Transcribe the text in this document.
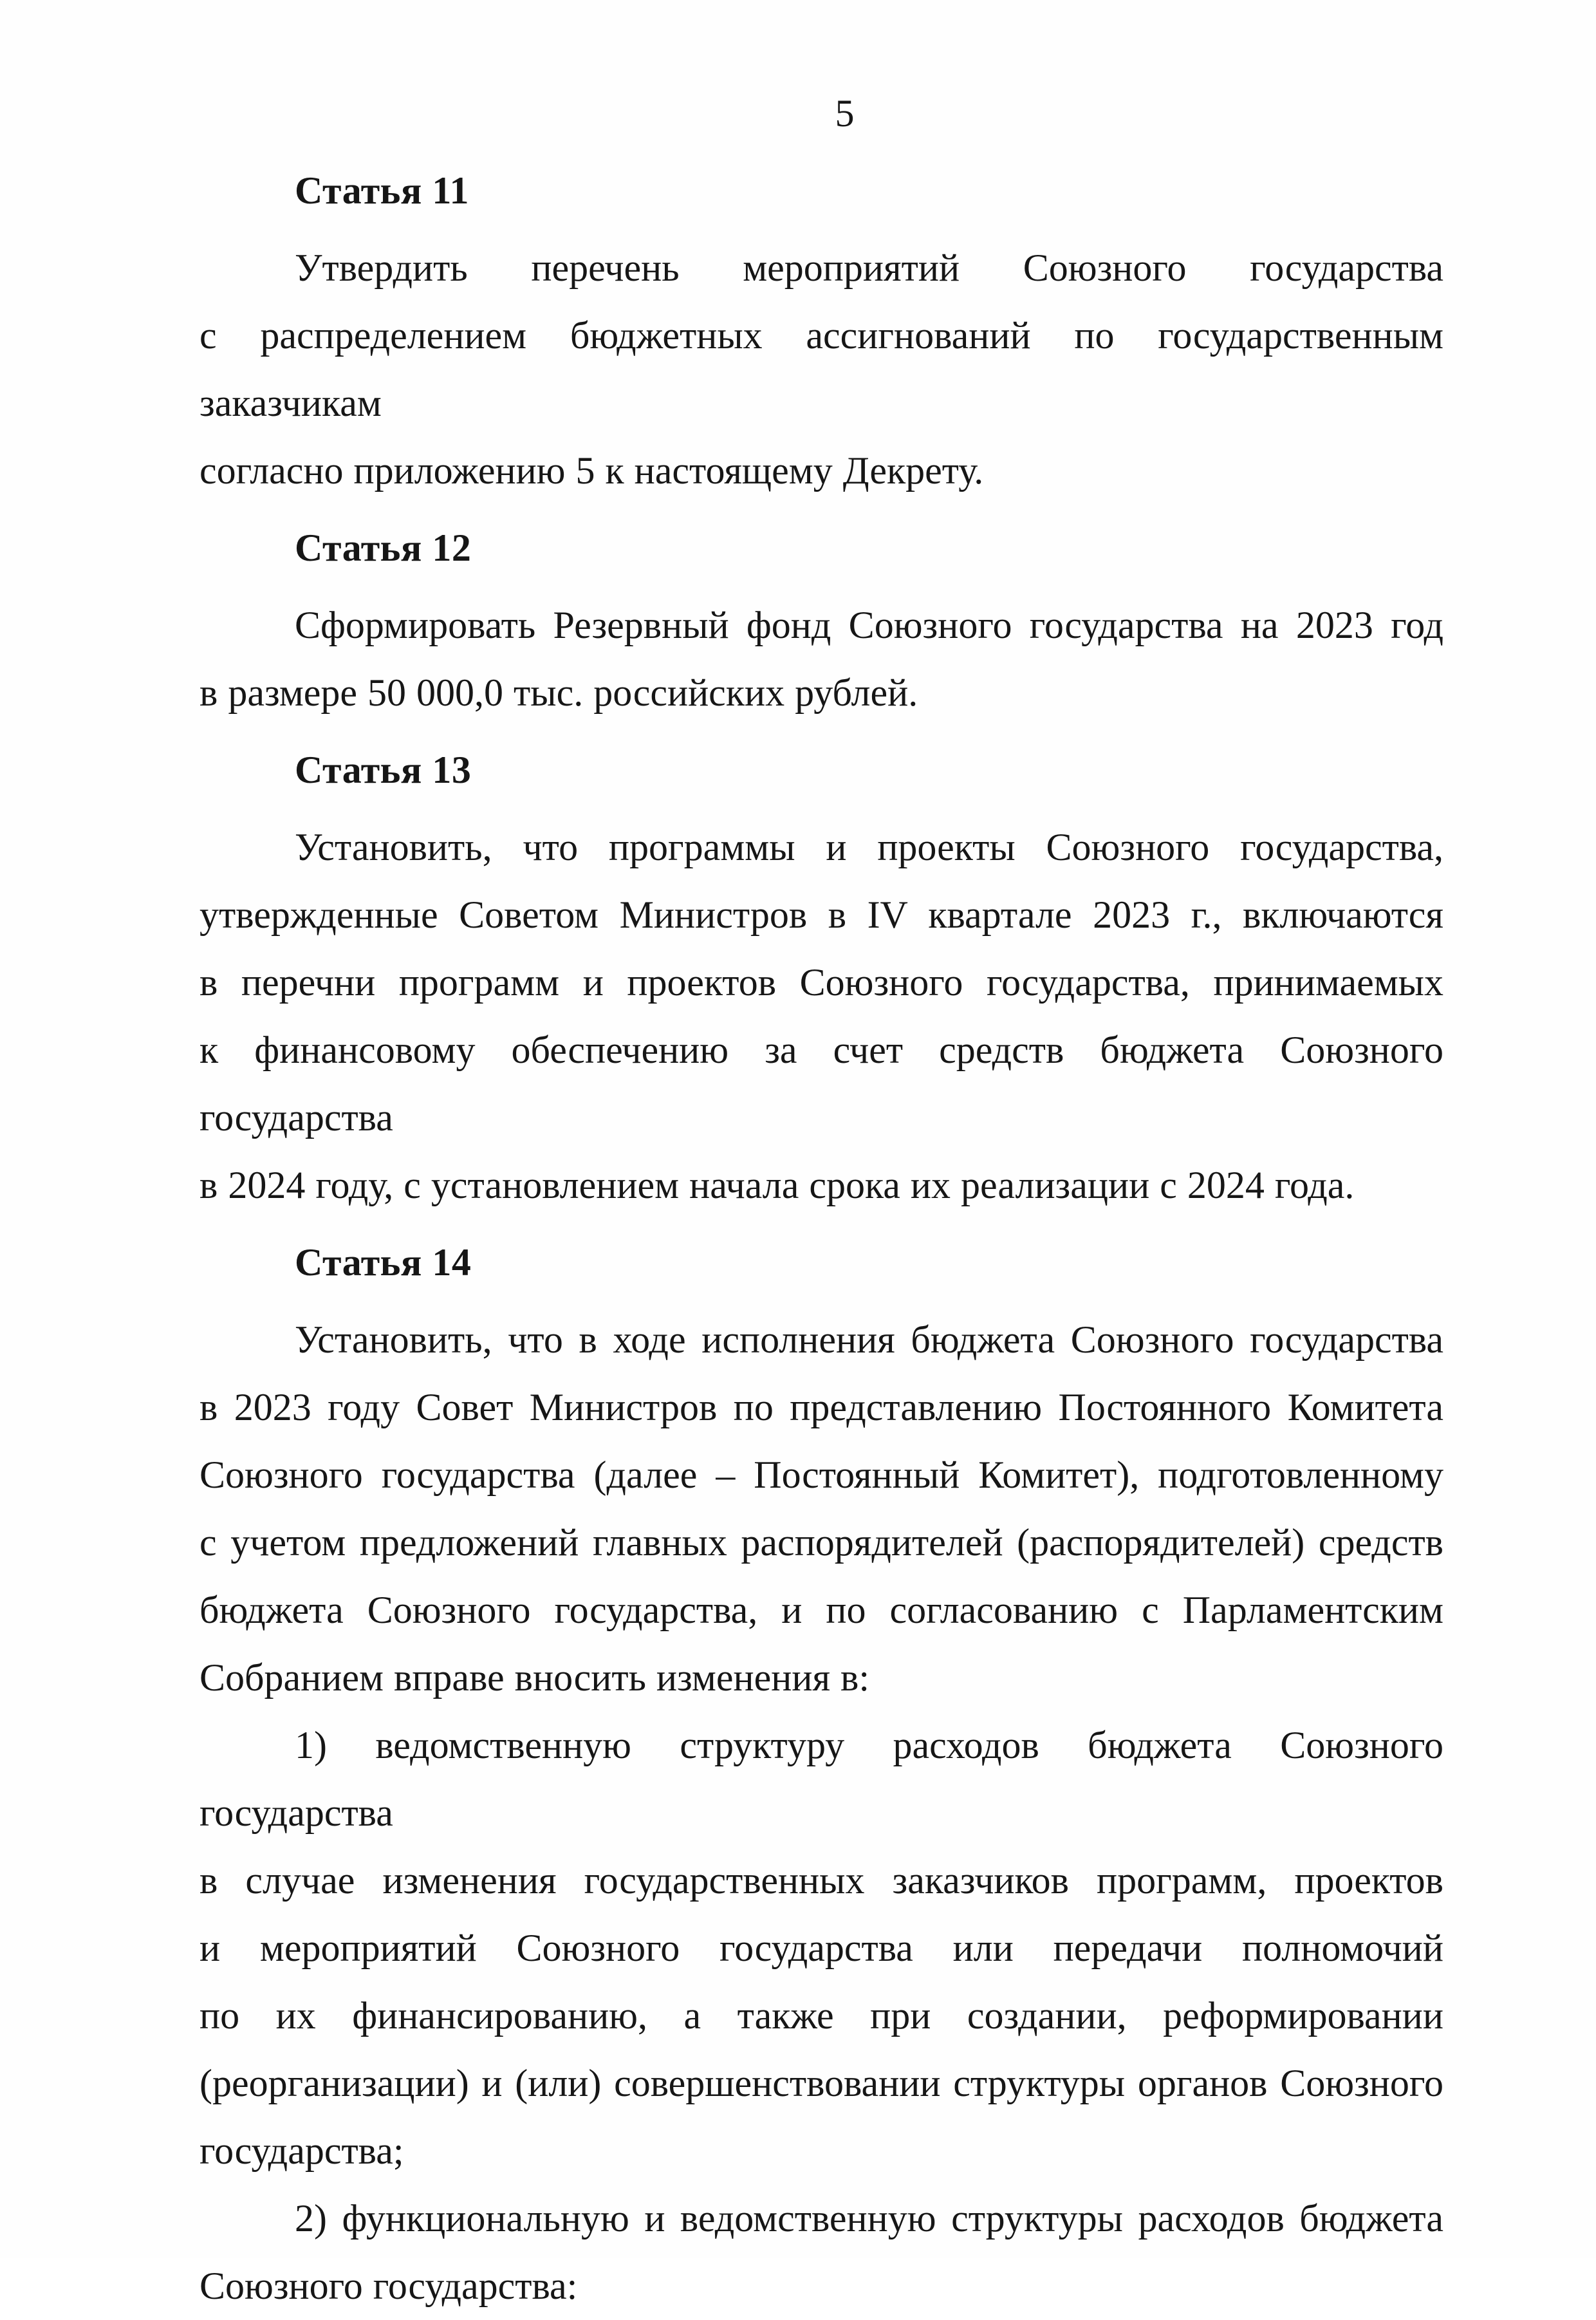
5
Статья 11
Утвердить перечень мероприятий Союзного государства
с распределением бюджетных ассигнований по государственным заказчикам
согласно приложению 5 к настоящему Декрету.
Статья 12
Сформировать Резервный фонд Союзного государства на 2023 год
в размере 50 000,0 тыс. российских рублей.
Статья 13
Установить, что программы и проекты Союзного государства,
утвержденные Советом Министров в IV квартале 2023 г., включаются
в перечни программ и проектов Союзного государства, принимаемых
к финансовому обеспечению за счет средств бюджета Союзного государства
в 2024 году, с установлением начала срока их реализации с 2024 года.
Статья 14
Установить, что в ходе исполнения бюджета Союзного государства
в 2023 году Совет Министров по представлению Постоянного Комитета
Союзного государства (далее – Постоянный Комитет), подготовленному
с учетом предложений главных распорядителей (распорядителей) средств
бюджета Союзного государства, и по согласованию с Парламентским
Собранием вправе вносить изменения в:
1) ведомственную структуру расходов бюджета Союзного государства
в случае изменения государственных заказчиков программ, проектов
и мероприятий Союзного государства или передачи полномочий
по их финансированию, а также при создании, реформировании
(реорганизации) и (или) совершенствовании структуры органов Союзного
государства;
2) функциональную и ведомственную структуры расходов бюджета
Союзного государства:
